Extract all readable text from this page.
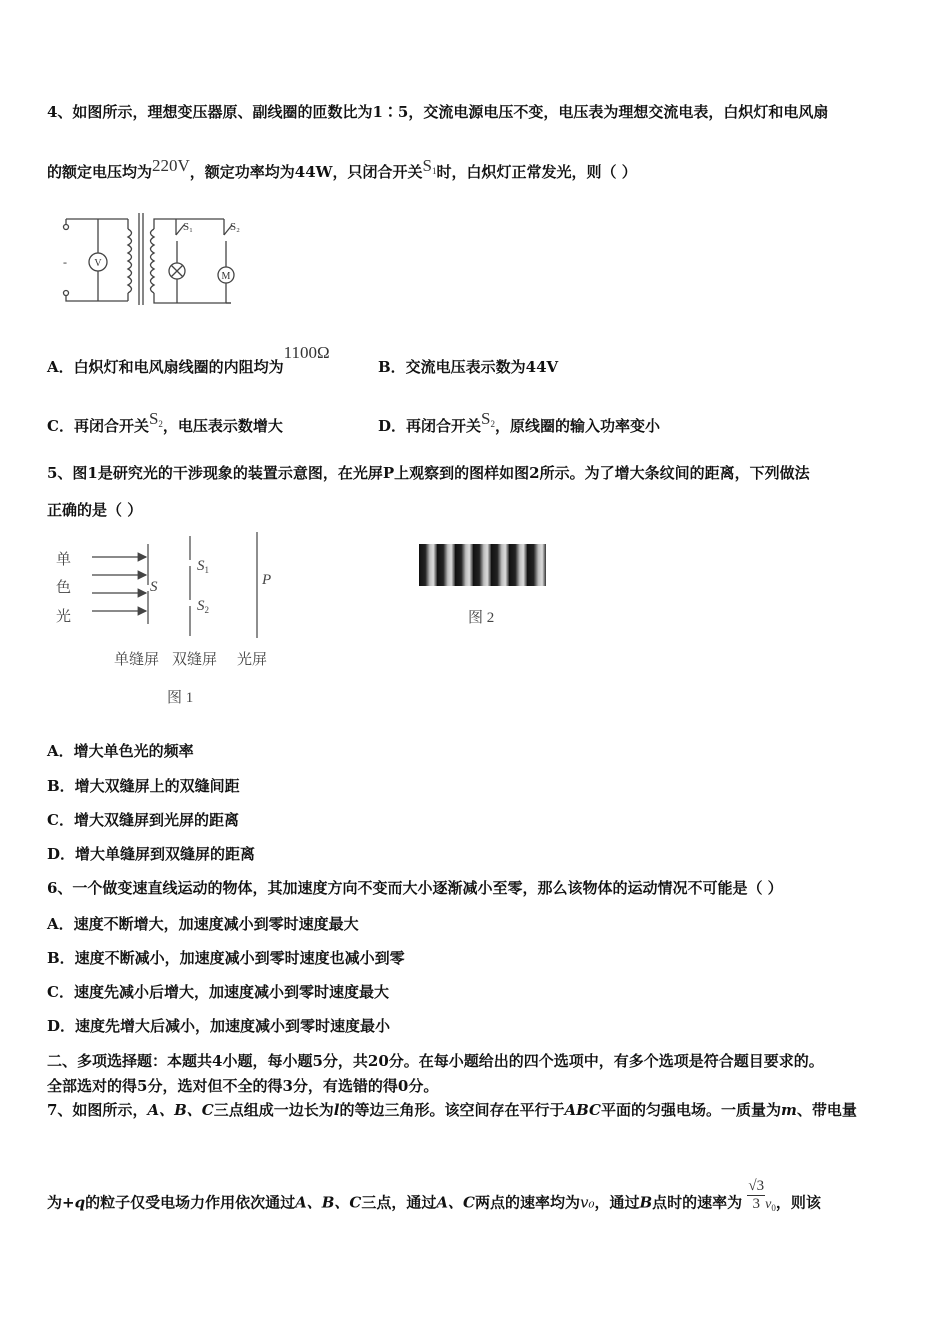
4、如图所示，理想变压器原、副线圈的匝数比为1∶5，交流电源电压不变，电压表为理想交流电表，白炽灯和电风扇
的额定电压均为220V，额定功率均为44W，只闭合开关$S_1$时，白炽灯正常发光，则（ ）
V
M
S₁	S₂
-
A．白炽灯和电风扇线圈的内阻均为1100Ω
B．交流电压表示数为44V
C．再闭合开关$S_2$，电压表示数增大	D．再闭合开关$S_2$，原线圈的输入功率变小
5、图1是研究光的干涉现象的装置示意图，在光屏P上观察到的图样如图2所示。为了增大条纹间的距离，下列做法
正确的是（ ）
单
色
光
S
$S_1$
$S_2$
P
单缝屏 双缝屏 光屏
图 1
图 2
A．增大单色光的频率
B．增大双缝屏上的双缝间距
C．增大双缝屏到光屏的距离
D．增大单缝屏到双缝屏的距离
6、一个做变速直线运动的物体，其加速度方向不变而大小逐渐减小至零，那么该物体的运动情况不可能是（ ）
A．速度不断增大，加速度减小到零时速度最大
B．速度不断减小，加速度减小到零时速度也减小到零
C．速度先减小后增大，加速度减小到零时速度最大
D．速度先增大后减小，加速度减小到零时速度最小
二、多项选择题：本题共4小题，每小题5分，共20分。在每小题给出的四个选项中，有多个选项是符合题目要求的。
全部选对的得5分，选对但不全的得3分，有选错的得0分。
7、如图所示，A、B、C三点组成一边长为l的等边三角形。该空间存在平行于ABC平面的匀强电场。一质量为m、带电量
为+q的粒子仅受电场力作用依次通过A、B、C三点，通过A、C两点的速率均为v₀，通过B点时的速率为 $\frac{√3}{3} v_0$，则该
